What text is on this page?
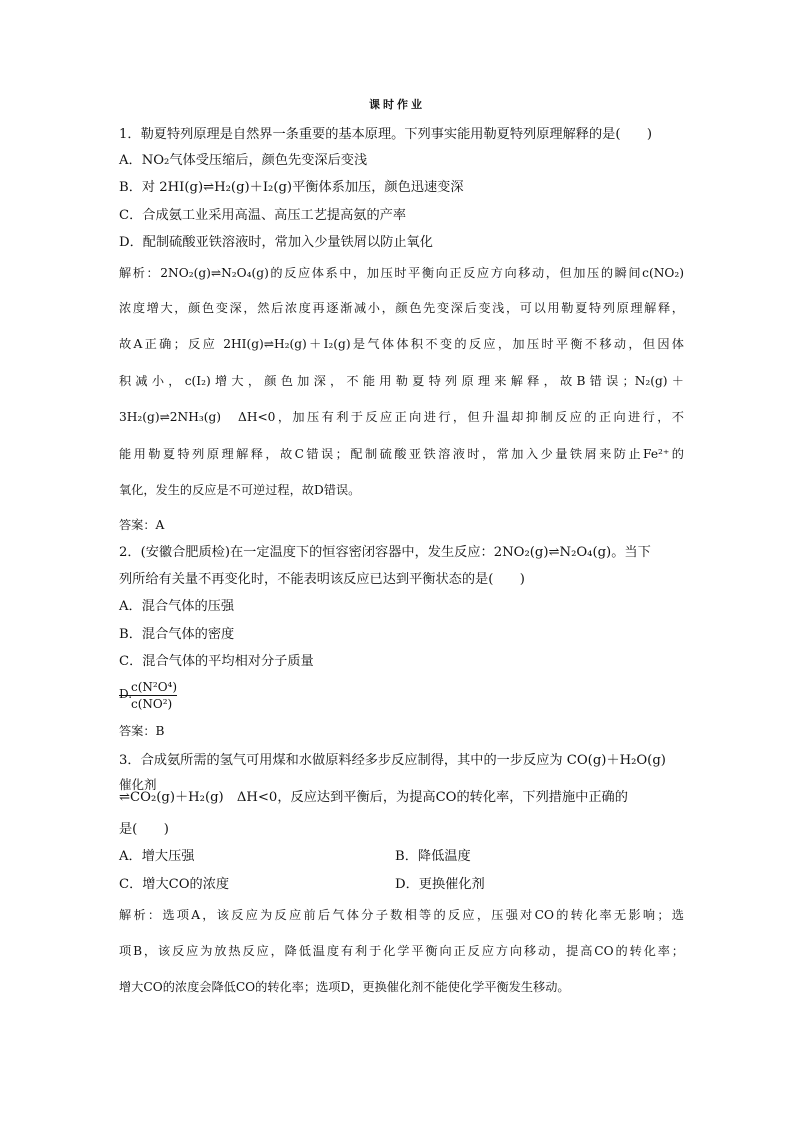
课时作业
1．勒夏特列原理是自然界一条重要的基本原理。下列事实能用勒夏特列原理解释的是(　　)
A．NO₂气体受压缩后，颜色先变深后变浅
B．对 2HI(g)⇌H₂(g)＋I₂(g)平衡体系加压，颜色迅速变深
C．合成氨工业采用高温、高压工艺提高氨的产率
D．配制硫酸亚铁溶液时，常加入少量铁屑以防止氧化
解析：2NO₂(g)⇌N₂O₄(g)的反应体系中，加压时平衡向正反应方向移动，但加压的瞬间c(NO₂)
浓度增大，颜色变深，然后浓度再逐渐减小，颜色先变深后变浅，可以用勒夏特列原理解释，
故A正确；反应 2HI(g)⇌H₂(g)＋I₂(g)是气体体积不变的反应，加压时平衡不移动，但因体
积减小，c(I₂)增大，颜色加深，不能用勒夏特列原理来解释，故B错误；N₂(g)＋
3H₂(g)⇌2NH₃(g)　ΔH<0，加压有利于反应正向进行，但升温却抑制反应的正向进行，不
能用勒夏特列原理解释，故C错误；配制硫酸亚铁溶液时，常加入少量铁屑来防止Fe²⁺的
氧化，发生的反应是不可逆过程，故D错误。
答案：A
2．(安徽合肥质检)在一定温度下的恒容密闭容器中，发生反应：2NO₂(g)⇌N₂O₄(g)。当下
列所给有关量不再变化时，不能表明该反应已达到平衡状态的是(　　)
A．混合气体的压强
B．混合气体的密度
C．混合气体的平均相对分子质量
D.
c(N²O⁴)
c(NO²)
答案：B
3．合成氨所需的氢气可用煤和水做原料经多步反应制得，其中的一步反应为 CO(g)＋H₂O(g)
催化剂
⇌CO₂(g)＋H₂(g)　ΔH<0，反应达到平衡后，为提高CO的转化率，下列措施中正确的
是(　　)
A．增大压强	B．降低温度
C．增大CO的浓度	D．更换催化剂
解析：选项A，该反应为反应前后气体分子数相等的反应，压强对CO的转化率无影响；选
项B，该反应为放热反应，降低温度有利于化学平衡向正反应方向移动，提高CO的转化率；
增大CO的浓度会降低CO的转化率；选项D，更换催化剂不能使化学平衡发生移动。
